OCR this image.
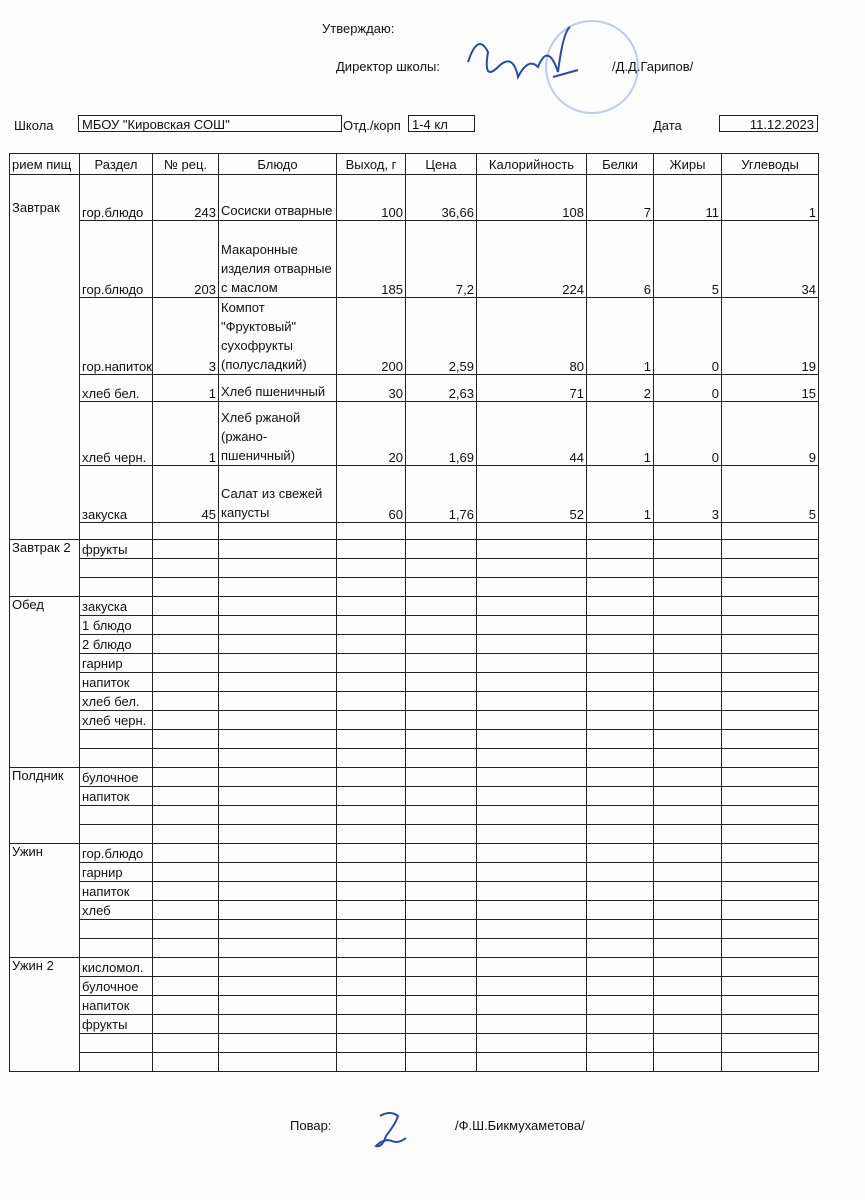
Утверждаю:
Директор школы:	/Д.Д.Гарипов/
Школа	МБОУ "Кировская СОШ"	Отд./корп 1-4 кл	Дата	11.12.2023
рием пищ	Раздел	№ рец.	Блюдо	Выход, г	Цена	Калорийность	Белки	Жиры	Углеводы
Завтрак	гор.блюдо	243	Сосиски отварные	100	36,66	108	7	11	1
	гор.блюдо	203	Макаронные изделия отварные с маслом	185	7,2	224	6	5	34
	гор.напиток	3	Компот "Фруктовый" сухофрукты (полусладкий)	200	2,59	80	1	0	19
	хлеб бел.	1	Хлеб пшеничный	30	2,63	71	2	0	15
	хлеб черн.	1	Хлеб ржаной (ржано-пшеничный)	20	1,69	44	1	0	9
	закуска	45	Салат из свежей капусты	60	1,76	52	1	3	5

Завтрак 2	фрукты								

Обед	закуска								
	1 блюдо								
	2 блюдо								
	гарнир								
	напиток								
	хлеб бел.								
	хлеб черн.								

Полдник	булочное								
	напиток								

Ужин	гор.блюдо								
	гарнир								
	напиток								
	хлеб								

Ужин 2	кисломол.								
	булочное								
	напиток								
	фрукты								

Повар:	/Ф.Ш.Бикмухаметова/
